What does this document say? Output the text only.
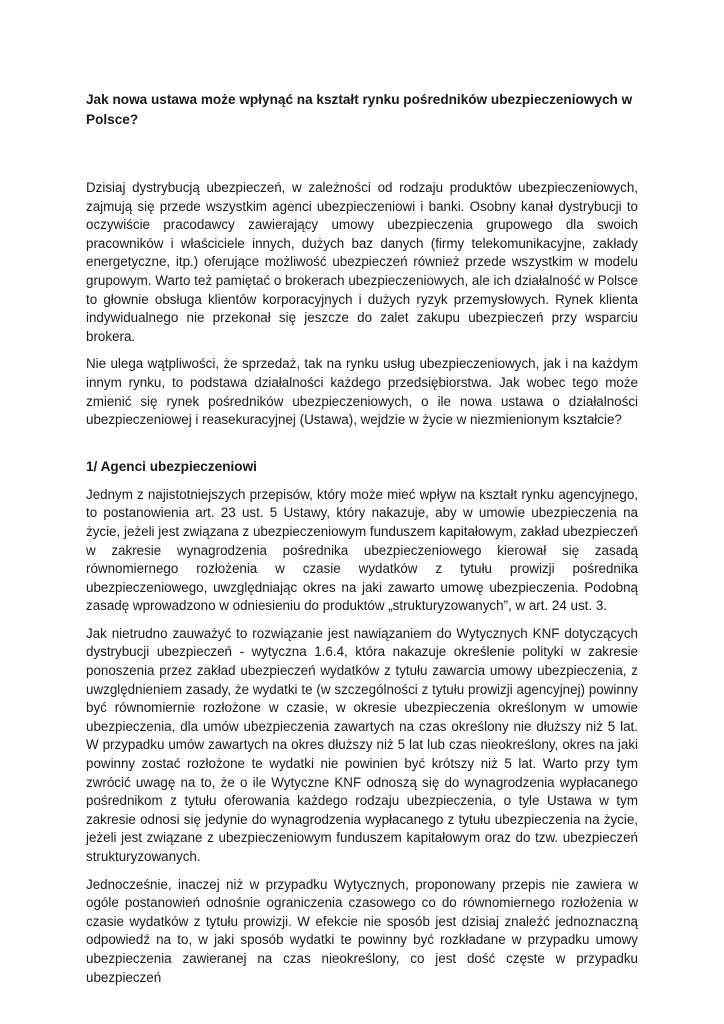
Jak nowa ustawa może wpłynąć na kształt rynku pośredników ubezpieczeniowych w Polsce?

Dzisiaj dystrybucją ubezpieczeń, w zależności od rodzaju produktów ubezpieczeniowych, zajmują się przede wszystkim agenci ubezpieczeniowi i banki. Osobny kanał dystrybucji to oczywiście pracodawcy zawierający umowy ubezpieczenia grupowego dla swoich pracowników i właściciele innych, dużych baz danych (firmy telekomunikacyjne, zakłady energetyczne, itp.) oferujące możliwość ubezpieczeń również przede wszystkim w modelu grupowym. Warto też pamiętać o brokerach ubezpieczeniowych, ale ich działalność w Polsce to głownie obsługa klientów korporacyjnych i dużych ryzyk przemysłowych. Rynek klienta indywidualnego nie przekonał się jeszcze do zalet zakupu ubezpieczeń przy wsparciu brokera.

Nie ulega wątpliwości, że sprzedaż, tak na rynku usług ubezpieczeniowych, jak i na każdym innym rynku, to podstawa działalności każdego przedsiębiorstwa. Jak wobec tego może zmienić się rynek pośredników ubezpieczeniowych, o ile nowa ustawa o działalności ubezpieczeniowej i reasekuracyjnej (Ustawa), wejdzie w życie w niezmienionym kształcie?

1/ Agenci ubezpieczeniowi

Jednym z najistotniejszych przepisów, który może mieć wpływ na kształt rynku agencyjnego, to postanowienia art. 23 ust. 5 Ustawy, który nakazuje, aby w umowie ubezpieczenia na życie, jeżeli jest związana z ubezpieczeniowym funduszem kapitałowym, zakład ubezpieczeń w zakresie wynagrodzenia pośrednika ubezpieczeniowego kierował się zasadą równomiernego rozłożenia w czasie wydatków z tytułu prowizji pośrednika ubezpieczeniowego, uwzględniając okres na jaki zawarto umowę ubezpieczenia. Podobną zasadę wprowadzono w odniesieniu do produktów „strukturyzowanych”, w art. 24 ust. 3.

Jak nietrudno zauważyć to rozwiązanie jest nawiązaniem do Wytycznych KNF dotyczących dystrybucji ubezpieczeń - wytyczna 1.6.4, która nakazuje określenie polityki w zakresie ponoszenia przez zakład ubezpieczeń wydatków z tytułu zawarcia umowy ubezpieczenia, z uwzględnieniem zasady, że wydatki te (w szczególności z tytułu prowizji agencyjnej) powinny być równomiernie rozłożone w czasie, w okresie ubezpieczenia określonym w umowie ubezpieczenia, dla umów ubezpieczenia zawartych na czas określony nie dłuższy niż 5 lat. W przypadku umów zawartych na okres dłuższy niż 5 lat lub czas nieokreślony, okres na jaki powinny zostać rozłożone te wydatki nie powinien być krótszy niż 5 lat. Warto przy tym zwrócić uwagę na to, że o ile Wytyczne KNF odnoszą się do wynagrodzenia wypłacanego pośrednikom z tytułu oferowania każdego rodzaju ubezpieczenia, o tyle Ustawa w tym zakresie odnosi się jedynie do wynagrodzenia wypłacanego z tytułu ubezpieczenia na życie, jeżeli jest związane z ubezpieczeniowym funduszem kapitałowym oraz do tzw. ubezpieczeń strukturyzowanych.

Jednocześnie, inaczej niż w przypadku Wytycznych, proponowany przepis nie zawiera w ogóle postanowień odnośnie ograniczenia czasowego co do równomiernego rozłożenia w czasie wydatków z tytułu prowizji. W efekcie nie sposób jest dzisiaj znaleźć jednoznaczną odpowiedź na to, w jaki sposób wydatki te powinny być rozkładane w przypadku umowy ubezpieczenia zawieranej na czas nieokreślony, co jest dość częste w przypadku ubezpieczeń
